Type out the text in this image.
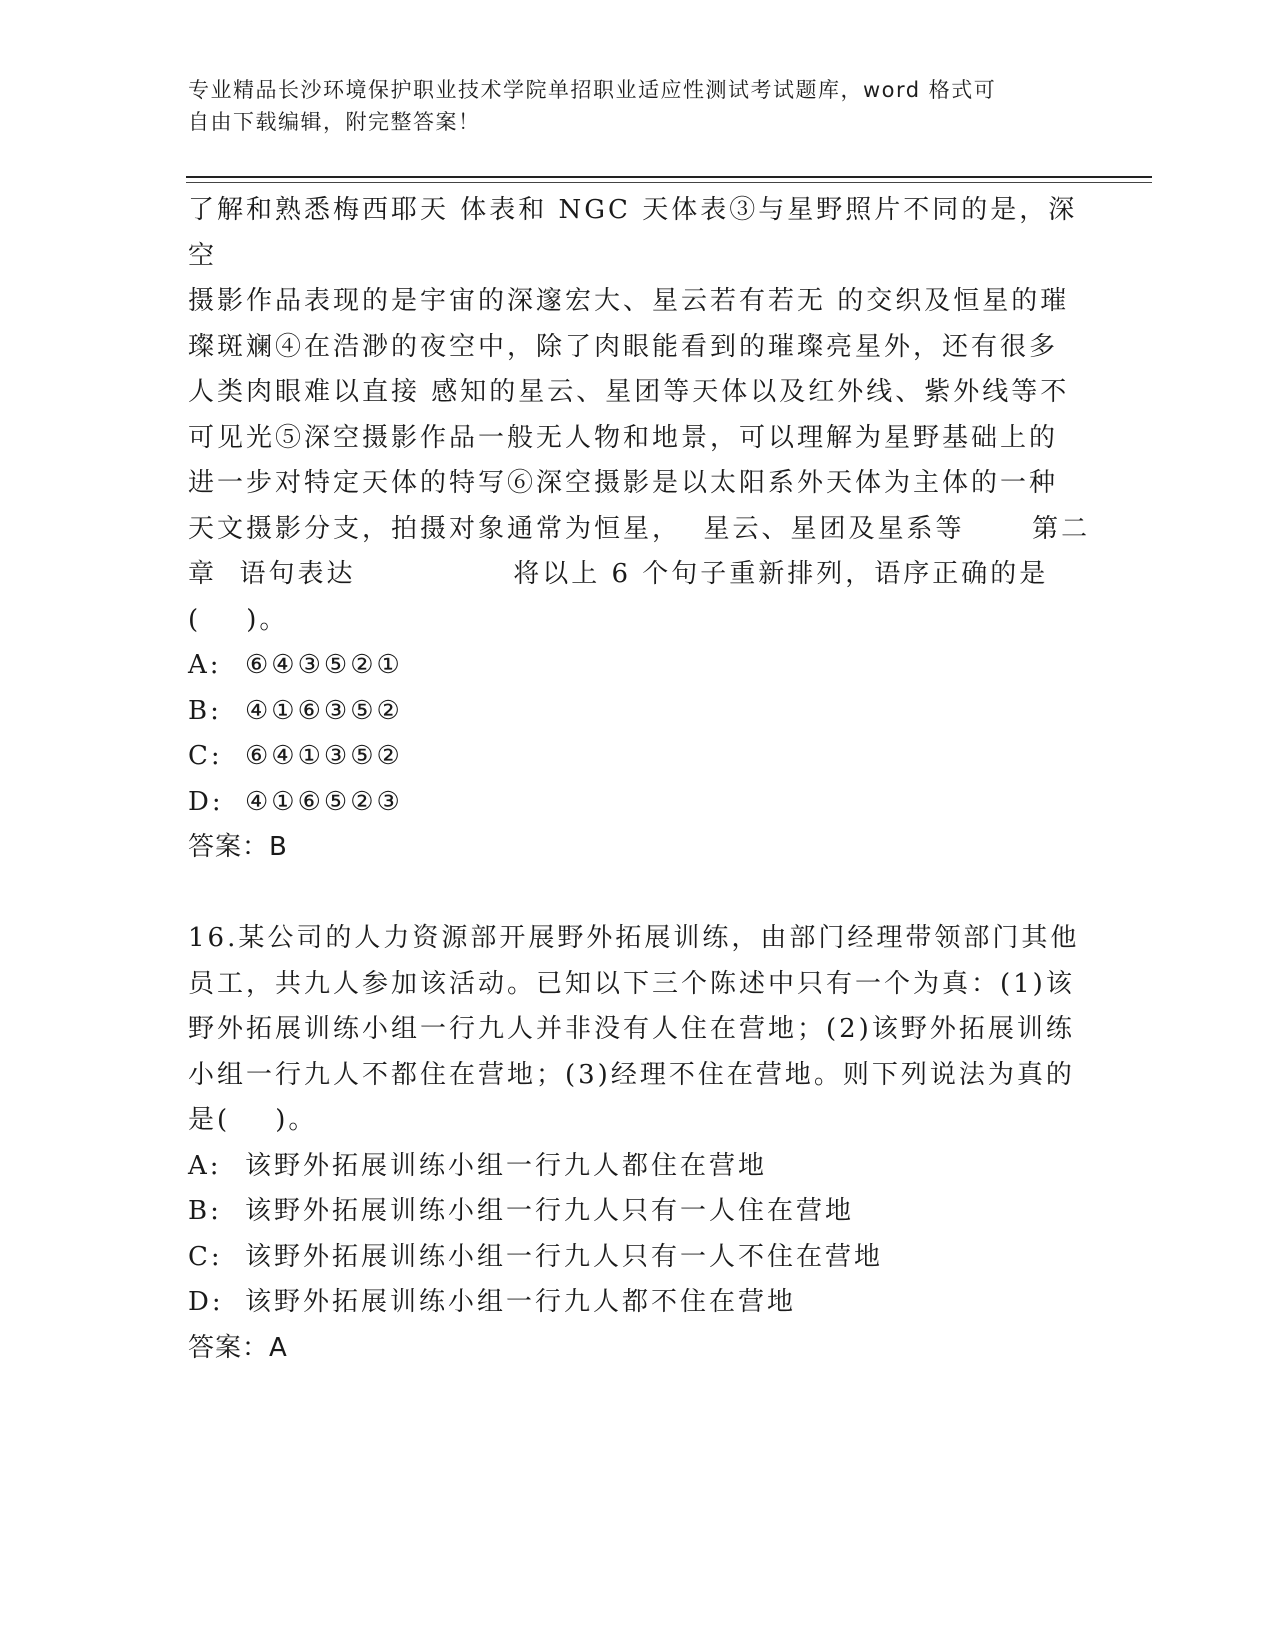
专业精品长沙环境保护职业技术学院单招职业适应性测试考试题库，word 格式可
自由下载编辑，附完整答案！

了解和熟悉梅西耶天 体表和 NGC 天体表③与星野照片不同的是，深空

摄影作品表现的是宇宙的深邃宏大、星云若有若无 的交织及恒星的璀

璨斑斓④在浩渺的夜空中，除了肉眼能看到的璀璨亮星外，还有很多

人类肉眼难以直接 感知的星云、星团等天体以及红外线、紫外线等不

可见光⑤深空摄影作品一般无人物和地景，可以理解为星野基础上的

进一步对特定天体的特写⑥深空摄影是以太阳系外天体为主体的一种

天文摄影分支，拍摄对象通常为恒星，  星云、星团及星系等      第二

章  语句表达              将以上 6 个句子重新排列，语序正确的是

(    )。

A: ⑥④③⑤②①
B: ④①⑥③⑤②
C: ⑥④①③⑤②
D: ④①⑥⑤②③

答案：B

16.某公司的人力资源部开展野外拓展训练，由部门经理带领部门其他

员工，共九人参加该活动。已知以下三个陈述中只有一个为真：(1)该

野外拓展训练小组一行九人并非没有人住在营地；(2)该野外拓展训练

小组一行九人不都住在营地；(3)经理不住在营地。则下列说法为真的

是(    )。

A: 该野外拓展训练小组一行九人都住在营地
B: 该野外拓展训练小组一行九人只有一人住在营地
C: 该野外拓展训练小组一行九人只有一人不住在营地
D: 该野外拓展训练小组一行九人都不住在营地

答案：A
